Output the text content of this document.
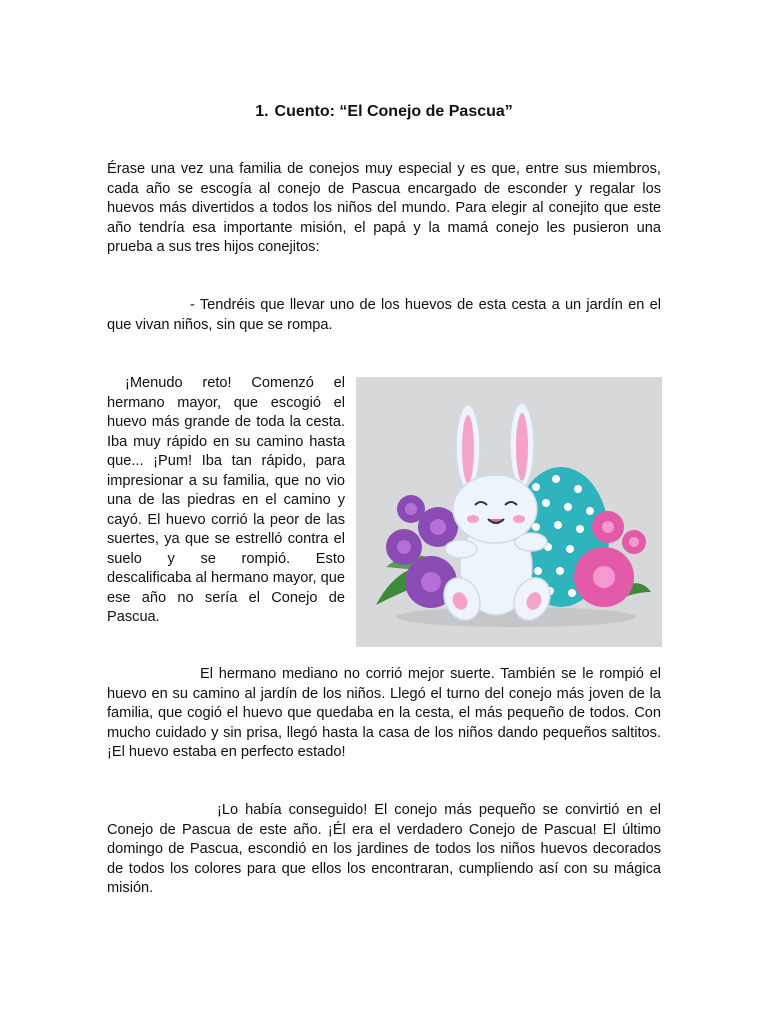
1. Cuento: “El Conejo de Pascua”

Érase una vez una familia de conejos muy especial y es que, entre sus miembros, cada año se escogía al conejo de Pascua encargado de esconder y regalar los huevos más divertidos a todos los niños del mundo. Para elegir al conejito que este año tendría esa importante misión, el papá y la mamá conejo les pusieron una prueba a sus tres hijos conejitos:

- Tendréis que llevar uno de los huevos de esta cesta a un jardín en el que vivan niños, sin que se rompa.

¡Menudo reto! Comenzó el hermano mayor, que escogió el huevo más grande de toda la cesta. Iba muy rápido en su camino hasta que... ¡Pum! Iba tan rápido, para impresionar a su familia, que no vio una de las piedras en el camino y cayó. El huevo corrió la peor de las suertes, ya que se estrelló contra el suelo y se rompió. Esto descalificaba al hermano mayor, que ese año no sería el Conejo de Pascua.

El hermano mediano no corrió mejor suerte. También se le rompió el huevo en su camino al jardín de los niños. Llegó el turno del conejo más joven de la familia, que cogió el huevo que quedaba en la cesta, el más pequeño de todos. Con mucho cuidado y sin prisa, llegó hasta la casa de los niños dando pequeños saltitos. ¡El huevo estaba en perfecto estado!

¡Lo había conseguido! El conejo más pequeño se convirtió en el Conejo de Pascua de este año. ¡Él era el verdadero Conejo de Pascua! El último domingo de Pascua, escondió en los jardines de todos los niños huevos decorados de todos los colores para que ellos los encontraran, cumpliendo así con su mágica misión.
